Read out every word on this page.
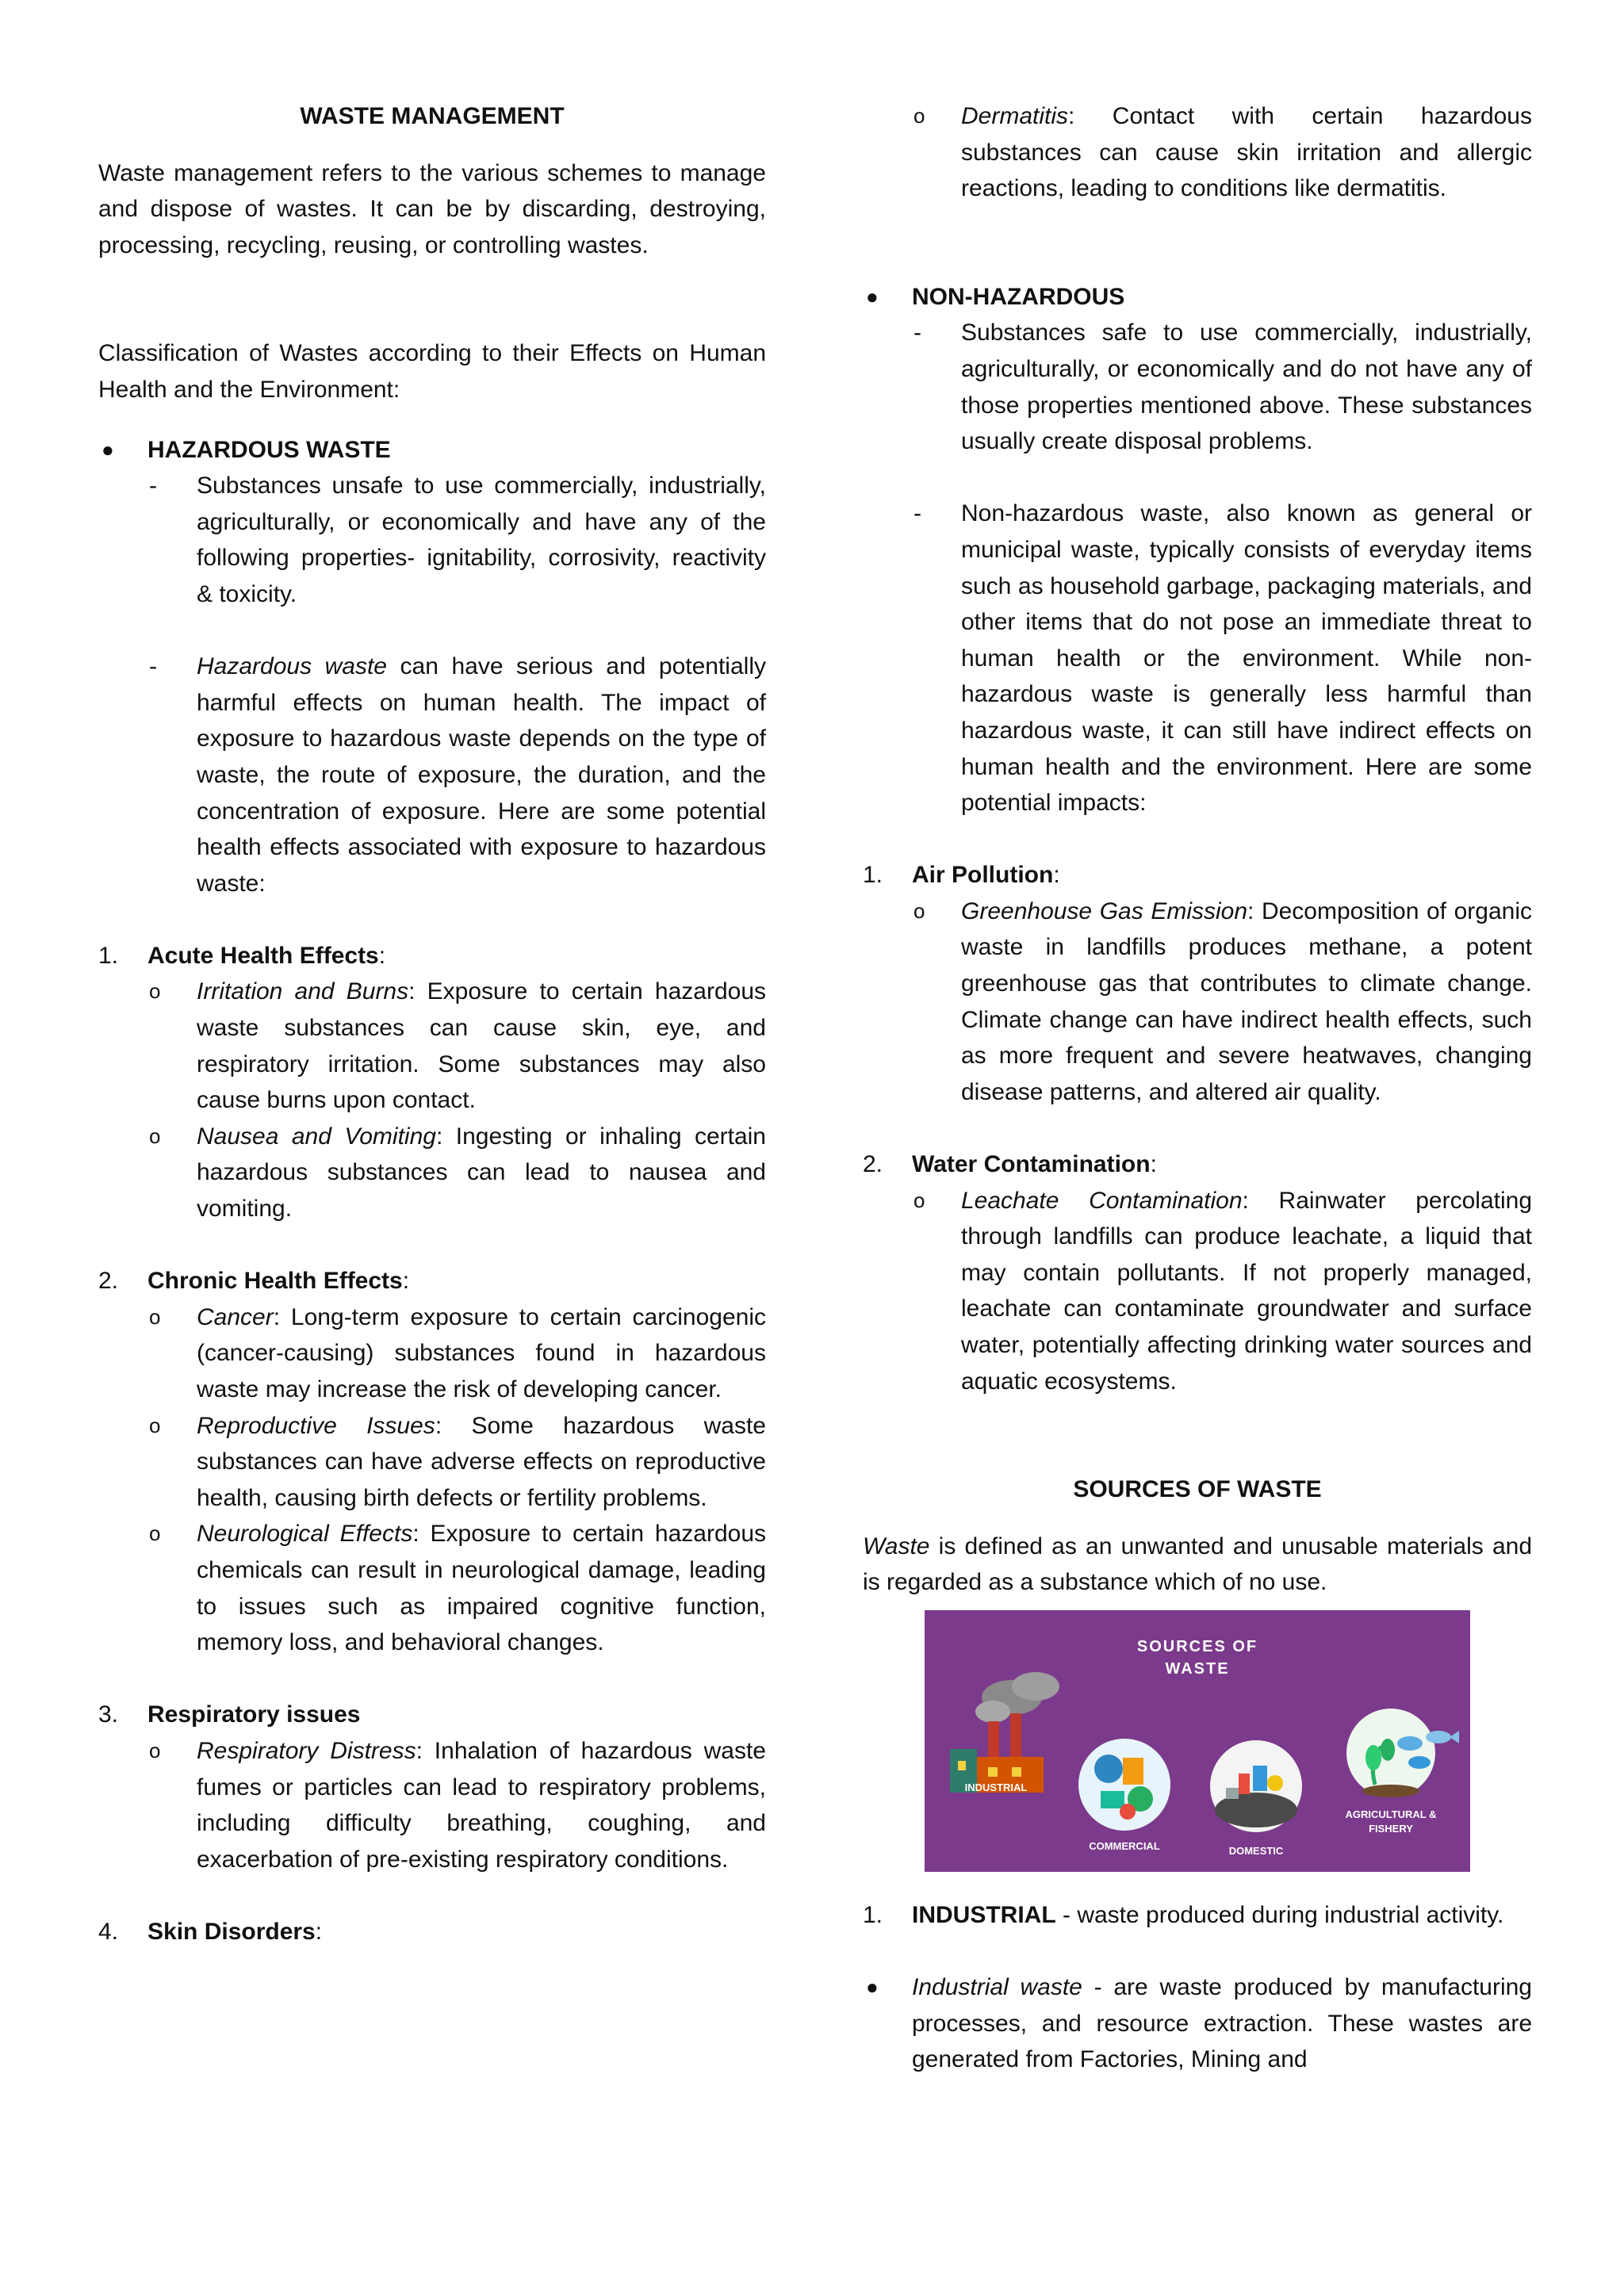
WASTE MANAGEMENT

Waste management refers to the various schemes to manage and dispose of wastes. It can be by discarding, destroying, processing, recycling, reusing, or controlling wastes.

Classification of Wastes according to their Effects on Human Health and the Environment:

● HAZARDOUS WASTE
- Substances unsafe to use commercially, industrially, agriculturally, or economically and have any of the following properties- ignitability, corrosivity, reactivity & toxicity.
- Hazardous waste can have serious and potentially harmful effects on human health. The impact of exposure to hazardous waste depends on the type of waste, the route of exposure, the duration, and the concentration of exposure. Here are some potential health effects associated with exposure to hazardous waste:
1. Acute Health Effects:
o Irritation and Burns: Exposure to certain hazardous waste substances can cause skin, eye, and respiratory irritation. Some substances may also cause burns upon contact.
o Nausea and Vomiting: Ingesting or inhaling certain hazardous substances can lead to nausea and vomiting.
2. Chronic Health Effects:
o Cancer: Long-term exposure to certain carcinogenic (cancer-causing) substances found in hazardous waste may increase the risk of developing cancer.
o Reproductive Issues: Some hazardous waste substances can have adverse effects on reproductive health, causing birth defects or fertility problems.
o Neurological Effects: Exposure to certain hazardous chemicals can result in neurological damage, leading to issues such as impaired cognitive function, memory loss, and behavioral changes.
3. Respiratory issues
o Respiratory Distress: Inhalation of hazardous waste fumes or particles can lead to respiratory problems, including difficulty breathing, coughing, and exacerbation of pre-existing respiratory conditions.
4. Skin Disorders:
o Dermatitis: Contact with certain hazardous substances can cause skin irritation and allergic reactions, leading to conditions like dermatitis.
● NON-HAZARDOUS
- Substances safe to use commercially, industrially, agriculturally, or economically and do not have any of those properties mentioned above. These substances usually create disposal problems.
- Non-hazardous waste, also known as general or municipal waste, typically consists of everyday items such as household garbage, packaging materials, and other items that do not pose an immediate threat to human health or the environment. While non-hazardous waste is generally less harmful than hazardous waste, it can still have indirect effects on human health and the environment. Here are some potential impacts:
1. Air Pollution:
o Greenhouse Gas Emission: Decomposition of organic waste in landfills produces methane, a potent greenhouse gas that contributes to climate change. Climate change can have indirect health effects, such as more frequent and severe heatwaves, changing disease patterns, and altered air quality.
2. Water Contamination:
o Leachate Contamination: Rainwater percolating through landfills can produce leachate, a liquid that may contain pollutants. If not properly managed, leachate can contaminate groundwater and surface water, potentially affecting drinking water sources and aquatic ecosystems.

SOURCES OF WASTE

Waste is defined as an unwanted and unusable materials and is regarded as a substance which of no use.

SOURCES OF
WASTE
INDUSTRIAL
COMMERCIAL	DOMESTIC
AGRICULTURAL &
FISHERY
1. INDUSTRIAL - waste produced during industrial activity.
● Industrial waste - are waste produced by manufacturing processes, and resource extraction. These wastes are generated from Factories, Mining and
